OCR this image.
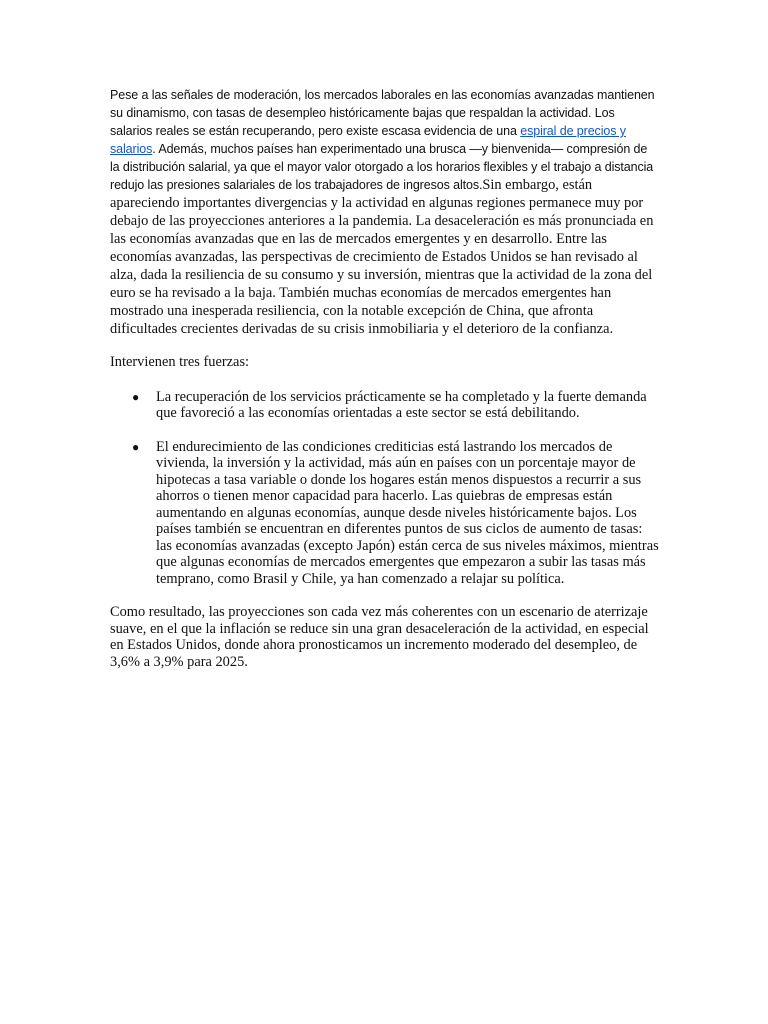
Pese a las señales de moderación, los mercados laborales en las economías avanzadas mantienen su dinamismo, con tasas de desempleo históricamente bajas que respaldan la actividad. Los salarios reales se están recuperando, pero existe escasa evidencia de una espiral de precios y salarios. Además, muchos países han experimentado una brusca —y bienvenida— compresión de la distribución salarial, ya que el mayor valor otorgado a los horarios flexibles y el trabajo a distancia redujo las presiones salariales de los trabajadores de ingresos altos.Sin embargo, están apareciendo importantes divergencias y la actividad en algunas regiones permanece muy por debajo de las proyecciones anteriores a la pandemia. La desaceleración es más pronunciada en las economías avanzadas que en las de mercados emergentes y en desarrollo. Entre las economías avanzadas, las perspectivas de crecimiento de Estados Unidos se han revisado al alza, dada la resiliencia de su consumo y su inversión, mientras que la actividad de la zona del euro se ha revisado a la baja. También muchas economías de mercados emergentes han mostrado una inesperada resiliencia, con la notable excepción de China, que afronta dificultades crecientes derivadas de su crisis inmobiliaria y el deterioro de la confianza.

Intervienen tres fuerzas:

● La recuperación de los servicios prácticamente se ha completado y la fuerte demanda que favoreció a las economías orientadas a este sector se está debilitando.
● El endurecimiento de las condiciones crediticias está lastrando los mercados de vivienda, la inversión y la actividad, más aún en países con un porcentaje mayor de hipotecas a tasa variable o donde los hogares están menos dispuestos a recurrir a sus ahorros o tienen menor capacidad para hacerlo. Las quiebras de empresas están aumentando en algunas economías, aunque desde niveles históricamente bajos. Los países también se encuentran en diferentes puntos de sus ciclos de aumento de tasas: las economías avanzadas (excepto Japón) están cerca de sus niveles máximos, mientras que algunas economías de mercados emergentes que empezaron a subir las tasas más temprano, como Brasil y Chile, ya han comenzado a relajar su política.

Como resultado, las proyecciones son cada vez más coherentes con un escenario de aterrizaje suave, en el que la inflación se reduce sin una gran desaceleración de la actividad, en especial en Estados Unidos, donde ahora pronosticamos un incremento moderado del desempleo, de 3,6% a 3,9% para 2025.
